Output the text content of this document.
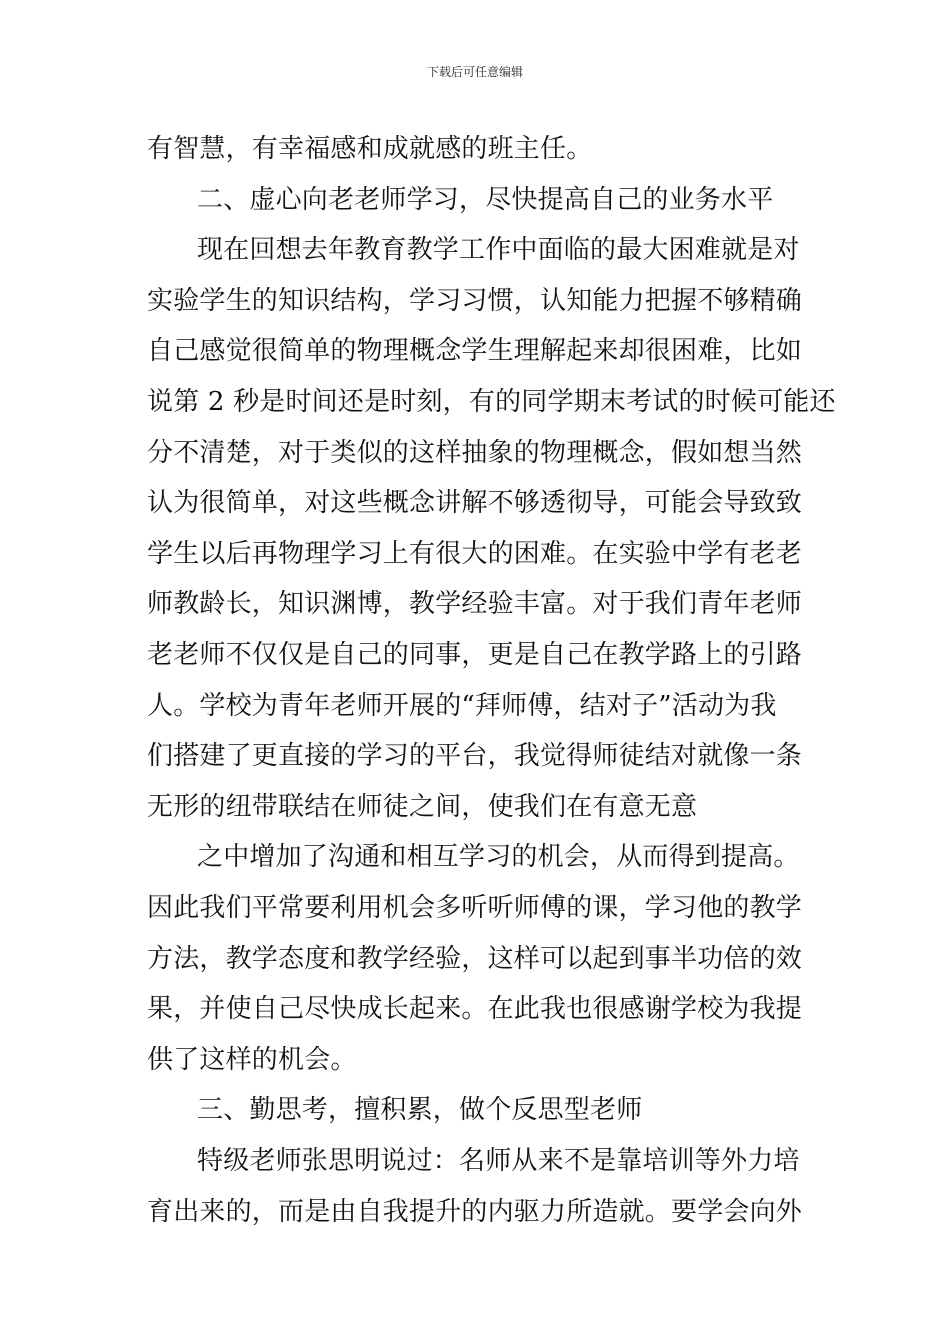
下载后可任意编辑
有智慧，有幸福感和成就感的班主任。
二、虚心向老老师学习，尽快提高自己的业务水平
现在回想去年教育教学工作中面临的最大困难就是对
实验学生的知识结构，学习习惯，认知能力把握不够精确
自己感觉很简单的物理概念学生理解起来却很困难，比如
说第 2 秒是时间还是时刻，有的同学期末考试的时候可能还
分不清楚，对于类似的这样抽象的物理概念，假如想当然
认为很简单，对这些概念讲解不够透彻导，可能会导致致
学生以后再物理学习上有很大的困难。在实验中学有老老
师教龄长，知识渊博，教学经验丰富。对于我们青年老师
老老师不仅仅是自己的同事，更是自己在教学路上的引路
人。学校为青年老师开展的“拜师傅，结对子”活动为我
们搭建了更直接的学习的平台，我觉得师徒结对就像一条
无形的纽带联结在师徒之间，使我们在有意无意
之中增加了沟通和相互学习的机会，从而得到提高。
因此我们平常要利用机会多听听师傅的课，学习他的教学
方法，教学态度和教学经验，这样可以起到事半功倍的效
果，并使自己尽快成长起来。在此我也很感谢学校为我提
供了这样的机会。
三、勤思考，擅积累，做个反思型老师
特级老师张思明说过：名师从来不是靠培训等外力培
育出来的，而是由自我提升的内驱力所造就。要学会向外
